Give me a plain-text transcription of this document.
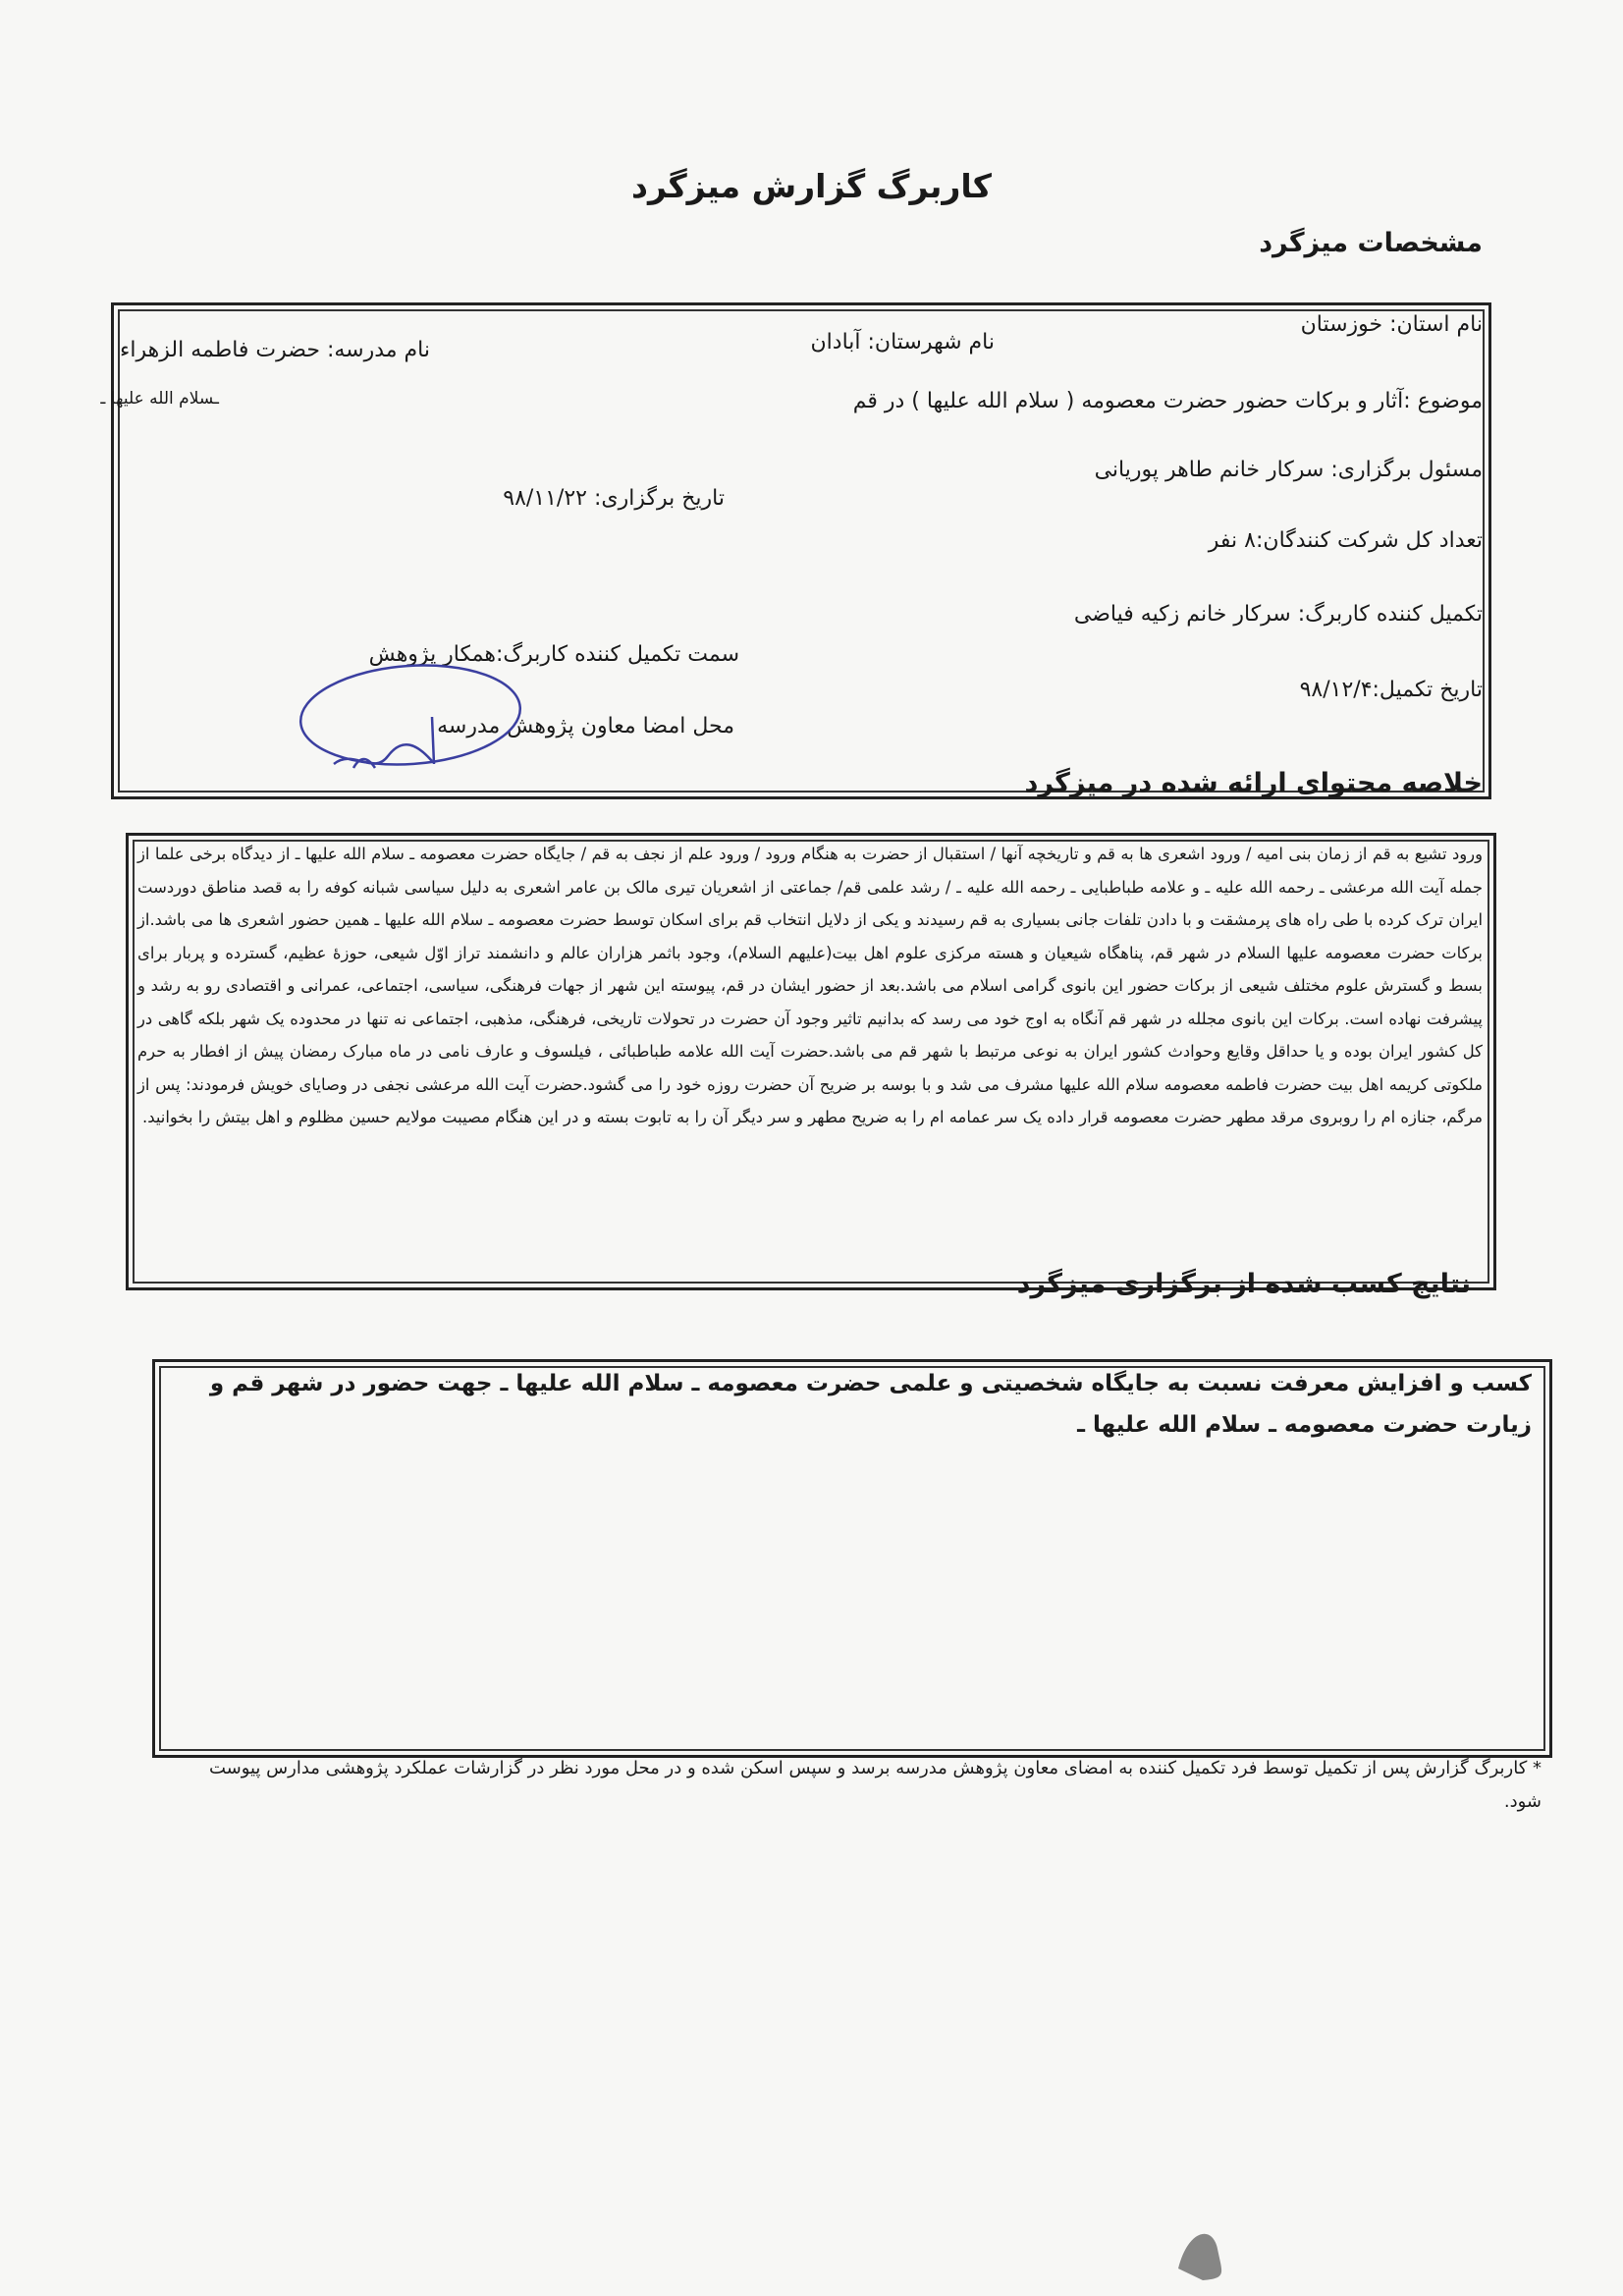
کاربرگ گزارش میزگرد
مشخصات میزگرد
نام استان: خوزستان
نام شهرستان: آبادان
نام مدرسه: حضرت فاطمه الزهراء
ـسلام الله علیها ـ	موضوع :آثار و برکات حضور حضرت معصومه ( سلام الله علیها ) در قم
مسئول برگزاری: سرکار خانم طاهر پوریانی
تاریخ برگزاری: ۹۸/۱۱/۲۲
تعداد کل شرکت کنندگان:۸ نفر
تکمیل کننده کاربرگ: سرکار خانم زکیه فیاضی
سمت تکمیل کننده کاربرگ:همکار پژوهش
تاریخ تکمیل:۹۸/۱۲/۴
محل امضا معاون پژوهش مدرسه
خلاصه محتوای ارائه شده در میزگرد
ورود تشیع به قم از زمان بنی امیه / ورود اشعری ها به قم و تاریخچه آنها / استقبال از حضرت به هنگام ورود / ورود علم از نجف به قم / جایگاه حضرت معصومه ـ سلام الله علیها ـ از دیدگاه برخی علما از جمله آیت الله مرعشی ـ رحمه الله علیه ـ و علامه طباطبایی ـ رحمه الله علیه ـ / رشد علمی قم/ جماعتی از اشعریان تیری مالک بن عامر اشعری به دلیل سیاسی شبانه کوفه را به قصد مناطق دوردست ایران ترک کرده با طی راه های پرمشقت و با دادن تلفات جانی بسیاری به قم رسیدند و یکی از دلایل انتخاب قم برای اسکان توسط حضرت معصومه ـ سلام الله علیها ـ همین حضور اشعری ها می باشد.از برکات حضرت معصومه علیها السلام در شهر قم، پناهگاه شیعیان و هسته مرکزی علوم اهل بیت(علیهم السلام)، وجود باثمر هزاران عالم و دانشمند تراز اوّل شیعی، حوزهٔ عظیم، گسترده و پربار برای بسط و گسترش علوم مختلف شیعی از برکات حضور این بانوی گرامی اسلام می باشد.بعد از حضور ایشان در قم، پیوسته این شهر از جهات فرهنگی، سیاسی، اجتماعی، عمرانی و اقتصادی رو به رشد و پیشرفت نهاده است. برکات این بانوی مجلله در شهر قم آنگاه به اوج خود می رسد که بدانیم تاثیر وجود آن حضرت در تحولات تاریخی، فرهنگی، مذهبی، اجتماعی نه تنها در محدوده یک شهر بلکه گاهی در کل کشور ایران بوده و یا حداقل وقایع وحوادث کشور ایران به نوعی مرتبط با شهر قم می باشد.حضرت آیت الله علامه طباطبائی ، فیلسوف و عارف نامی در ماه مبارک رمضان پیش از افطار به حرم ملکوتی کریمه اهل بیت حضرت فاطمه معصومه سلام الله علیها مشرف می شد و با بوسه بر ضریح آن حضرت روزه خود را می گشود.حضرت آیت الله مرعشی نجفی در وصایای خویش فرمودند: پس از مرگم، جنازه ام را روبروی مرقد مطهر حضرت معصومه قرار داده یک سر عمامه ام را به ضریح مطهر و سر دیگر آن را به تابوت بسته و در این هنگام مصیبت مولایم حسین مظلوم و اهل بیتش را بخوانید.
نتایج کسب شده از برگزاری میزگرد
کسب و افزایش معرفت نسبت به جایگاه شخصیتی و علمی حضرت معصومه ـ سلام الله علیها ـ جهت حضور در شهر قم و زیارت حضرت معصومه ـ سلام الله علیها ـ
* کاربرگ گزارش پس از تکمیل توسط فرد تکمیل کننده به امضای معاون پژوهش مدرسه برسد و سپس اسکن شده و در محل مورد نظر در گزارشات عملکرد پژوهشی مدارس پیوست شود.
